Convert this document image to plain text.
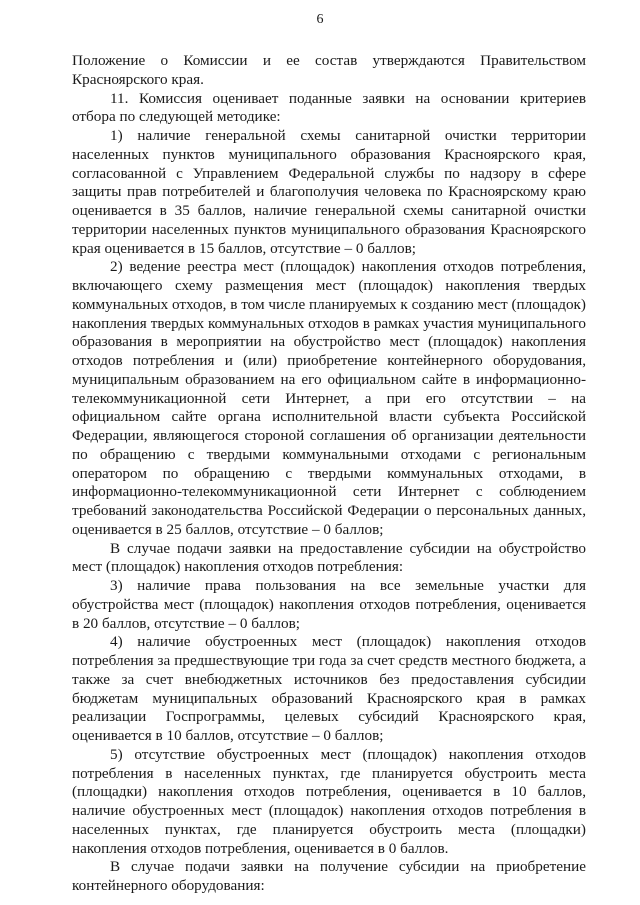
6

Положение о Комиссии и ее состав утверждаются Правительством Красноярского края.

11. Комиссия оценивает поданные заявки на основании критериев отбора по следующей методике:

1) наличие генеральной схемы санитарной очистки территории населенных пунктов муниципального образования Красноярского края, согласованной с Управлением Федеральной службы по надзору в сфере защиты прав потребителей и благополучия человека по Красноярскому краю оценивается в 35 баллов, наличие генеральной схемы санитарной очистки территории населенных пунктов муниципального образования Красноярского края оценивается в 15 баллов, отсутствие – 0 баллов;

2) ведение реестра мест (площадок) накопления отходов потребления, включающего схему размещения мест (площадок) накопления твердых коммунальных отходов, в том числе планируемых к созданию мест (площадок) накопления твердых коммунальных отходов в рамках участия муниципального образования в мероприятии на обустройство мест (площадок) накопления отходов потребления и (или) приобретение контейнерного оборудования, муниципальным образованием на его официальном сайте в информационно-телекоммуникационной сети Интернет, а при его отсутствии – на официальном сайте органа исполнительной власти субъекта Российской Федерации, являющегося стороной соглашения об организации деятельности по обращению с твердыми коммунальными отходами с региональным оператором по обращению с твердыми коммунальных отходами, в информационно-телекоммуникационной сети Интернет с соблюдением требований законодательства Российской Федерации о персональных данных, оценивается в 25 баллов, отсутствие – 0 баллов;

В случае подачи заявки на предоставление субсидии на обустройство мест (площадок) накопления отходов потребления:

3) наличие права пользования на все земельные участки для обустройства мест (площадок) накопления отходов потребления, оценивается в 20 баллов, отсутствие – 0 баллов;

4) наличие обустроенных мест (площадок) накопления отходов потребления за предшествующие три года за счет средств местного бюджета, а также за счет внебюджетных источников без предоставления субсидии бюджетам муниципальных образований Красноярского края в рамках реализации Госпрограммы, целевых субсидий Красноярского края, оценивается в 10 баллов, отсутствие – 0 баллов;

5) отсутствие обустроенных мест (площадок) накопления отходов потребления в населенных пунктах, где планируется обустроить места (площадки) накопления отходов потребления, оценивается в 10 баллов, наличие обустроенных мест (площадок) накопления отходов потребления в населенных пунктах, где планируется обустроить места (площадки) накопления отходов потребления, оценивается в 0 баллов.

В случае подачи заявки на получение субсидии на приобретение контейнерного оборудования:
